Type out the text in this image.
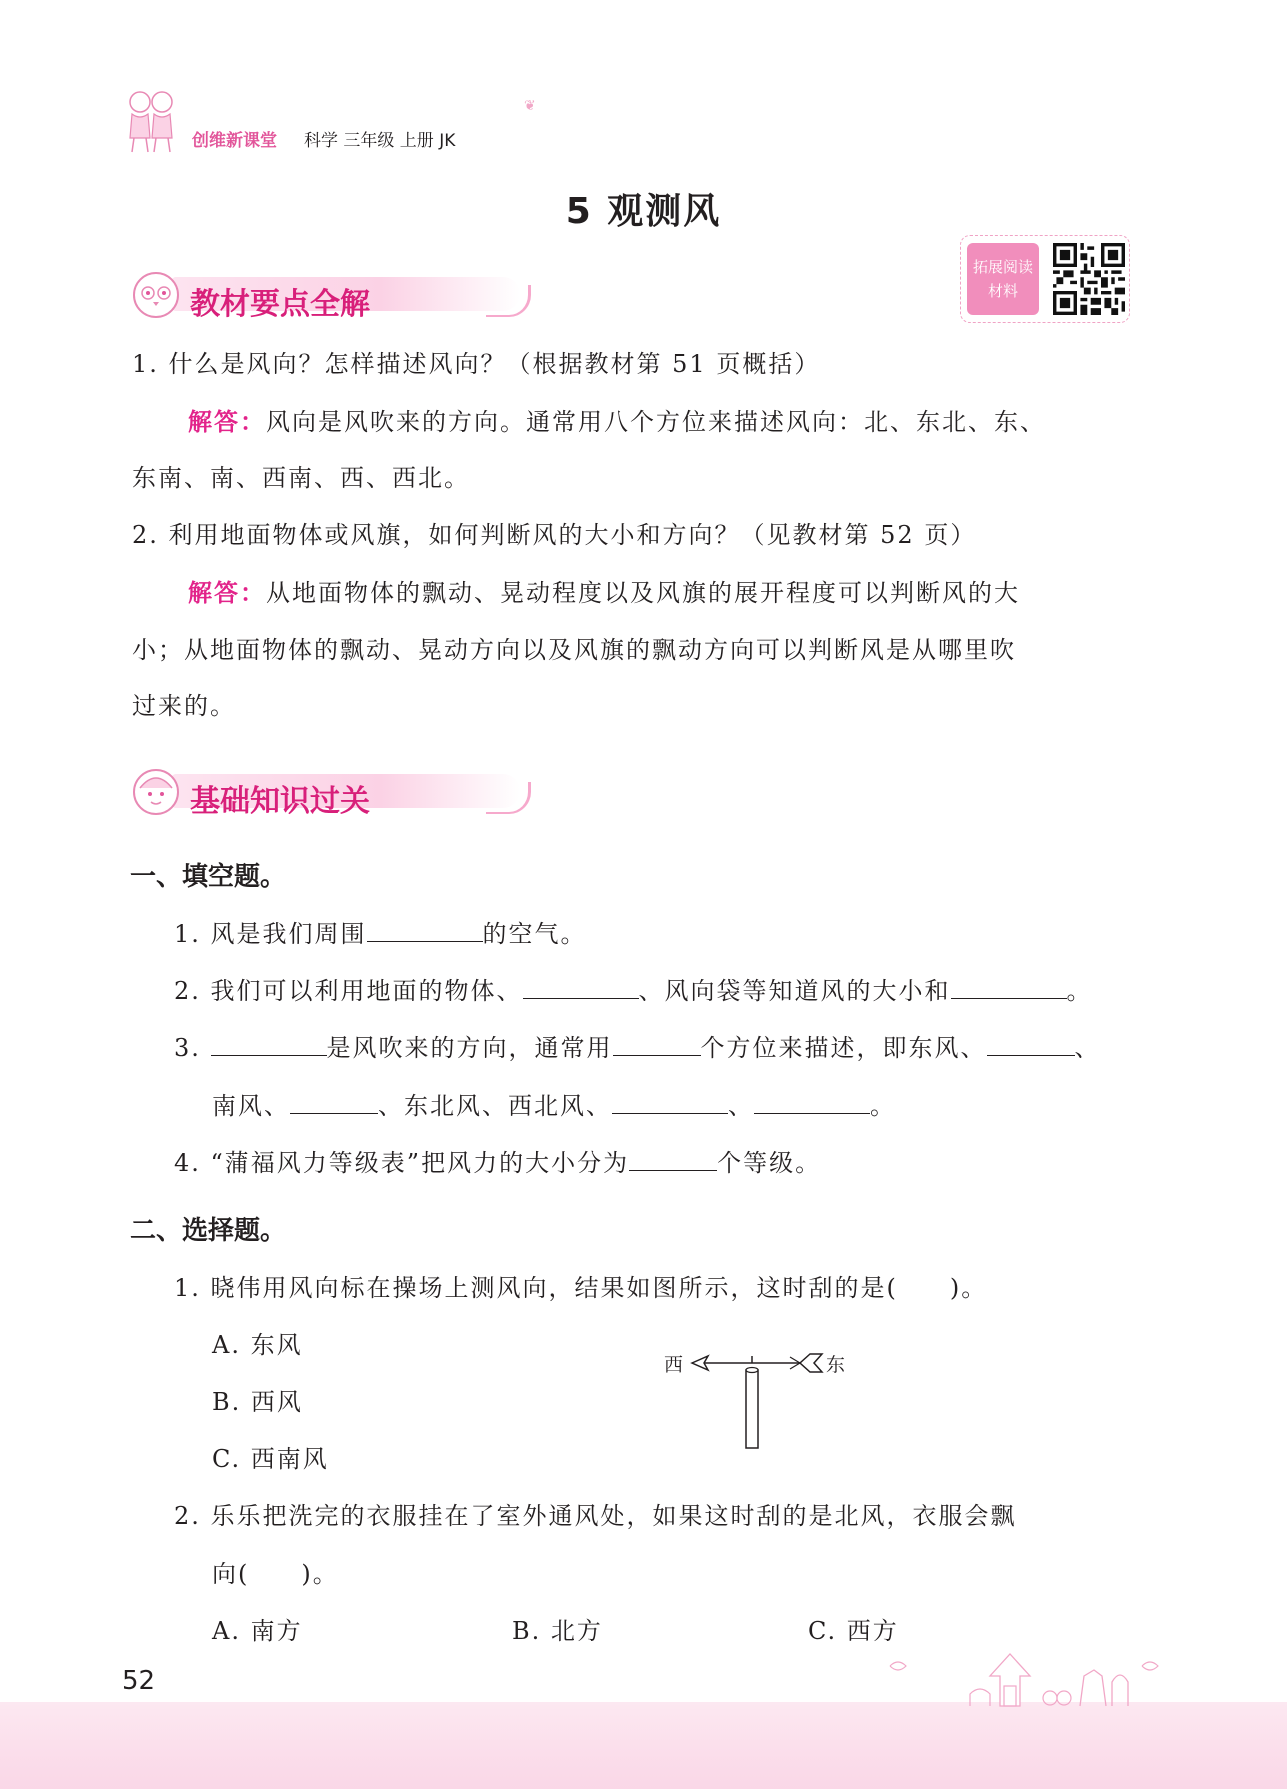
创维新课堂 科学 三年级 上册 JK
❦
5 观测风
拓展阅读
材料
教材要点全解
1. 什么是风向？怎样描述风向？（根据教材第 51 页概括）
解答：风向是风吹来的方向。通常用八个方位来描述风向：北、东北、东、
东南、南、西南、西、西北。
2. 利用地面物体或风旗，如何判断风的大小和方向？（见教材第 52 页）
解答：从地面物体的飘动、晃动程度以及风旗的展开程度可以判断风的大
小；从地面物体的飘动、晃动方向以及风旗的飘动方向可以判断风是从哪里吹
过来的。
基础知识过关
一、填空题。
1. 风是我们周围	的空气。
2. 我们可以利用地面的物体、	、风向袋等知道风的大小和	。
3.	是风吹来的方向，通常用	个方位来描述，即东风、	、
南风、	、东北风、西北风、	、	。
4. “蒲福风力等级表”把风力的大小分为	个等级。
二、选择题。
1. 晓伟用风向标在操场上测风向，结果如图所示，这时刮的是(　　)。
A. 东风
B. 西风
C. 西南风
西	东
2. 乐乐把洗完的衣服挂在了室外通风处，如果这时刮的是北风，衣服会飘
向(　　)。
A. 南方	B. 北方	C. 西方
52
